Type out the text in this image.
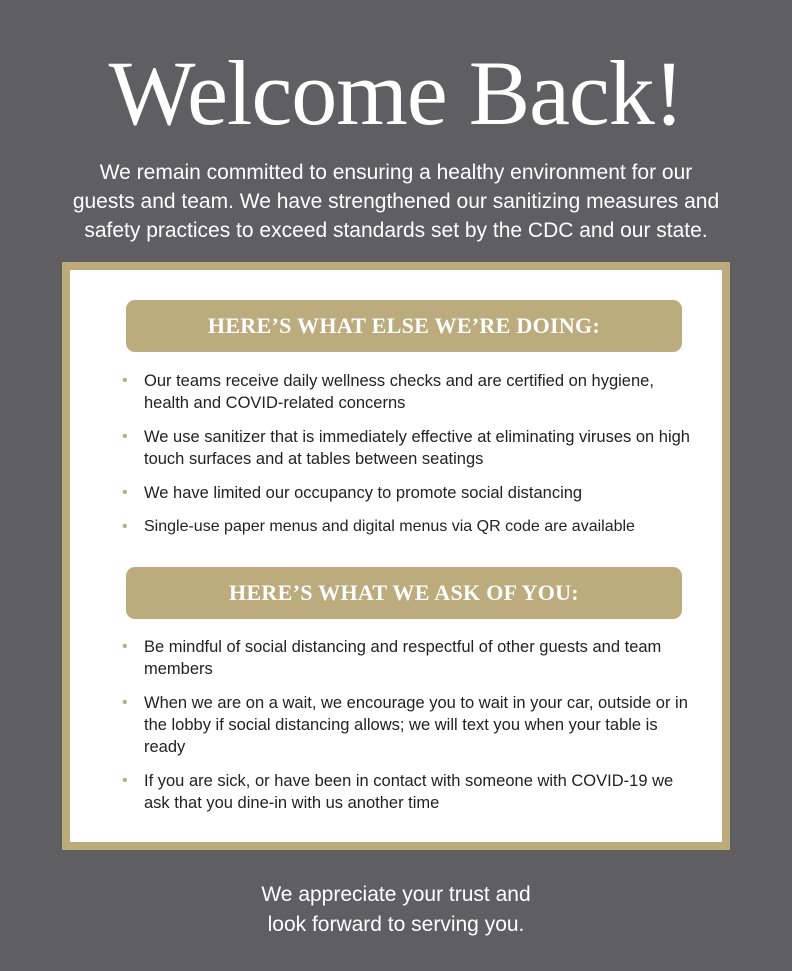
Welcome Back!

We remain committed to ensuring a healthy environment for our
guests and team. We have strengthened our sanitizing measures and
safety practices to exceed standards set by the CDC and our state.

HERE’S WHAT ELSE WE’RE DOING:
• Our teams receive daily wellness checks and are certified on hygiene, health and COVID-related concerns
• We use sanitizer that is immediately effective at eliminating viruses on high touch surfaces and at tables between seatings
• We have limited our occupancy to promote social distancing
• Single-use paper menus and digital menus via QR code are available
HERE’S WHAT WE ASK OF YOU:
• Be mindful of social distancing and respectful of other guests and team members
• When we are on a wait, we encourage you to wait in your car, outside or in the lobby if social distancing allows; we will text you when your table is ready
• If you are sick, or have been in contact with someone with COVID-19 we ask that you dine-in with us another time

We appreciate your trust and
look forward to serving you.
